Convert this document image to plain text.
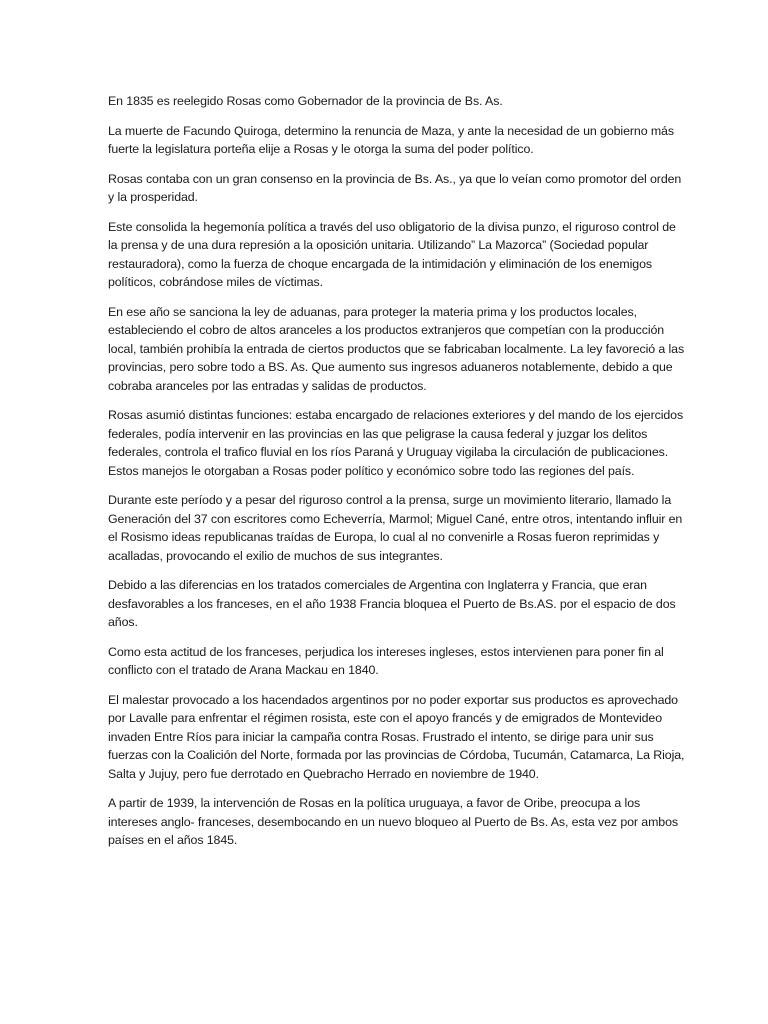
En 1835 es reelegido Rosas como Gobernador de la provincia de Bs. As.

La muerte de Facundo Quiroga, determino la renuncia de Maza, y ante la necesidad de un gobierno más fuerte la legislatura porteña elije a Rosas y le otorga la suma del poder político.

Rosas contaba con un gran consenso en la provincia de Bs. As., ya que lo veían como promotor del orden y la prosperidad.

Este consolida la hegemonía política a través del uso obligatorio de la divisa punzo, el riguroso control de la prensa y de una dura represión a la oposición unitaria. Utilizando” La Mazorca” (Sociedad popular restauradora), como la fuerza de choque encargada de la intimidación y eliminación de los enemigos políticos, cobrándose miles de víctimas.

En ese año se sanciona la ley de aduanas, para proteger la materia prima y los productos locales, estableciendo el cobro de altos aranceles a los productos extranjeros que competían con la producción local, también prohibía la entrada de ciertos productos que se fabricaban localmente. La ley favoreció a las provincias, pero sobre todo a BS. As. Que aumento sus ingresos aduaneros notablemente, debido a que cobraba aranceles por las entradas y salidas de productos.

Rosas asumió distintas funciones: estaba encargado de relaciones exteriores y del mando de los ejercidos federales, podía intervenir en las provincias en las que peligrase la causa federal y juzgar los delitos federales, controla el trafico fluvial en los ríos Paraná y Uruguay vigilaba la circulación de publicaciones. Estos manejos le otorgaban a Rosas poder político y económico sobre todo las regiones del país.

Durante este período y a pesar del riguroso control a la prensa, surge un movimiento literario, llamado la Generación del 37 con escritores como Echeverría, Marmol; Miguel Cané, entre otros, intentando influir en el Rosismo ideas republicanas traídas de Europa, lo cual al no convenirle a Rosas fueron reprimidas y acalladas, provocando el exilio de muchos de sus integrantes.

Debido a las diferencias en los tratados comerciales de Argentina con Inglaterra y Francia, que eran desfavorables a los franceses, en el año 1938 Francia bloquea el Puerto de Bs.AS. por el espacio de dos años.

Como esta actitud de los franceses, perjudica los intereses ingleses, estos intervienen para poner fin al conflicto con el tratado de Arana Mackau en 1840.

El malestar provocado a los hacendados argentinos por no poder exportar sus productos es aprovechado por Lavalle para enfrentar el régimen rosista, este con el apoyo francés y de emigrados de Montevideo invaden Entre Ríos para iniciar la campaña contra Rosas. Frustrado el intento, se dirige para unir sus fuerzas con la Coalición del Norte, formada por las provincias de Córdoba, Tucumán, Catamarca, La Rioja, Salta y Jujuy, pero fue derrotado en Quebracho Herrado en noviembre de 1940.

A partir de 1939, la intervención de Rosas en la política uruguaya, a favor de Oribe, preocupa a los intereses anglo- franceses, desembocando en un nuevo bloqueo al Puerto de Bs. As, esta vez por ambos países en el años 1845.
